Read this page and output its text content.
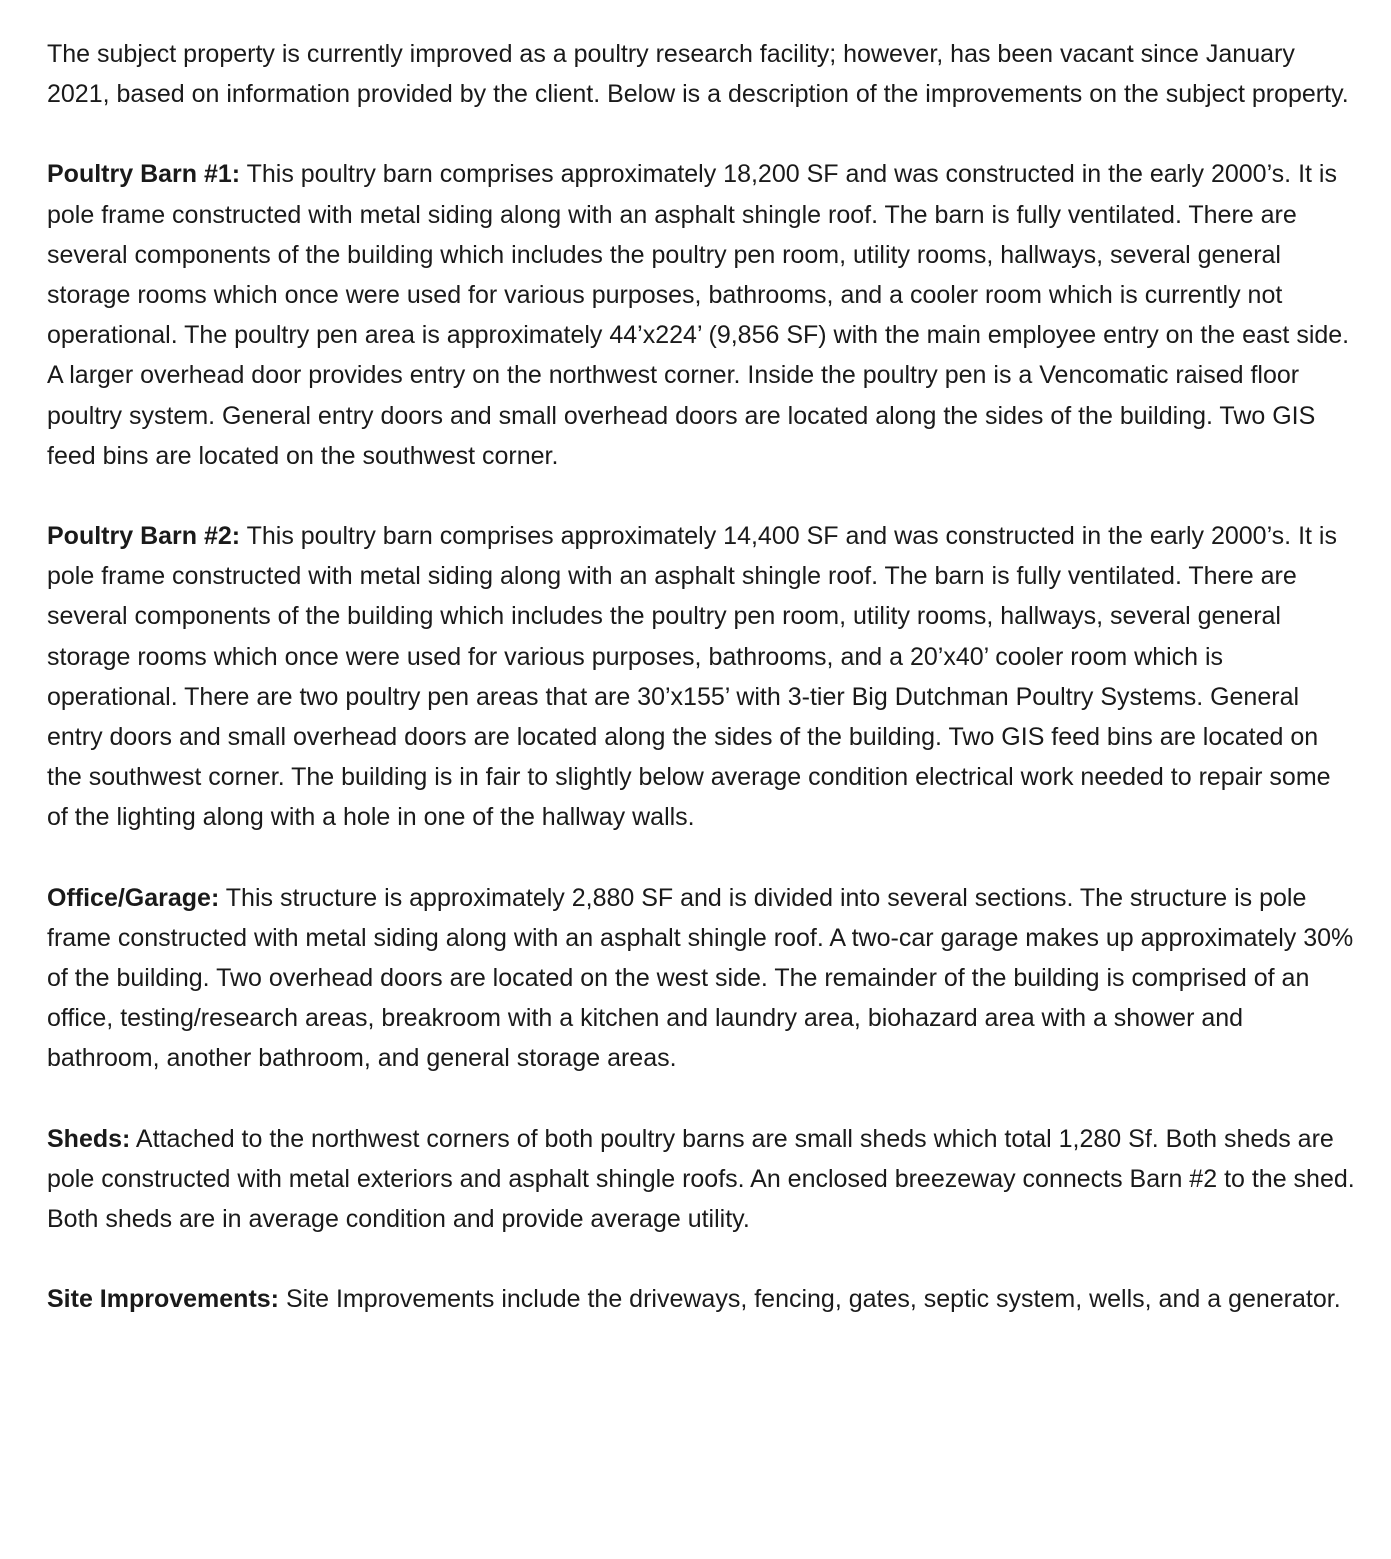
The subject property is currently improved as a poultry research facility; however, has been vacant since January 2021, based on information provided by the client. Below is a description of the improvements on the subject property.

Poultry Barn #1: This poultry barn comprises approximately 18,200 SF and was constructed in the early 2000’s. It is pole frame constructed with metal siding along with an asphalt shingle roof. The barn is fully ventilated. There are several components of the building which includes the poultry pen room, utility rooms, hallways, several general storage rooms which once were used for various purposes, bathrooms, and a cooler room which is currently not operational. The poultry pen area is approximately 44’x224’ (9,856 SF) with the main employee entry on the east side. A larger overhead door provides entry on the northwest corner. Inside the poultry pen is a Vencomatic raised floor poultry system. General entry doors and small overhead doors are located along the sides of the building. Two GIS feed bins are located on the southwest corner.

Poultry Barn #2: This poultry barn comprises approximately 14,400 SF and was constructed in the early 2000’s. It is pole frame constructed with metal siding along with an asphalt shingle roof. The barn is fully ventilated. There are several components of the building which includes the poultry pen room, utility rooms, hallways, several general storage rooms which once were used for various purposes, bathrooms, and a 20’x40’ cooler room which is operational. There are two poultry pen areas that are 30’x155’ with 3-tier Big Dutchman Poultry Systems. General entry doors and small overhead doors are located along the sides of the building. Two GIS feed bins are located on the southwest corner. The building is in fair to slightly below average condition electrical work needed to repair some of the lighting along with a hole in one of the hallway walls.

Office/Garage: This structure is approximately 2,880 SF and is divided into several sections. The structure is pole frame constructed with metal siding along with an asphalt shingle roof. A two-car garage makes up approximately 30% of the building. Two overhead doors are located on the west side. The remainder of the building is comprised of an office, testing/research areas, breakroom with a kitchen and laundry area, biohazard area with a shower and bathroom, another bathroom, and general storage areas.

Sheds: Attached to the northwest corners of both poultry barns are small sheds which total 1,280 Sf. Both sheds are pole constructed with metal exteriors and asphalt shingle roofs. An enclosed breezeway connects Barn #2 to the shed. Both sheds are in average condition and provide average utility.

Site Improvements: Site Improvements include the driveways, fencing, gates, septic system, wells, and a generator.
